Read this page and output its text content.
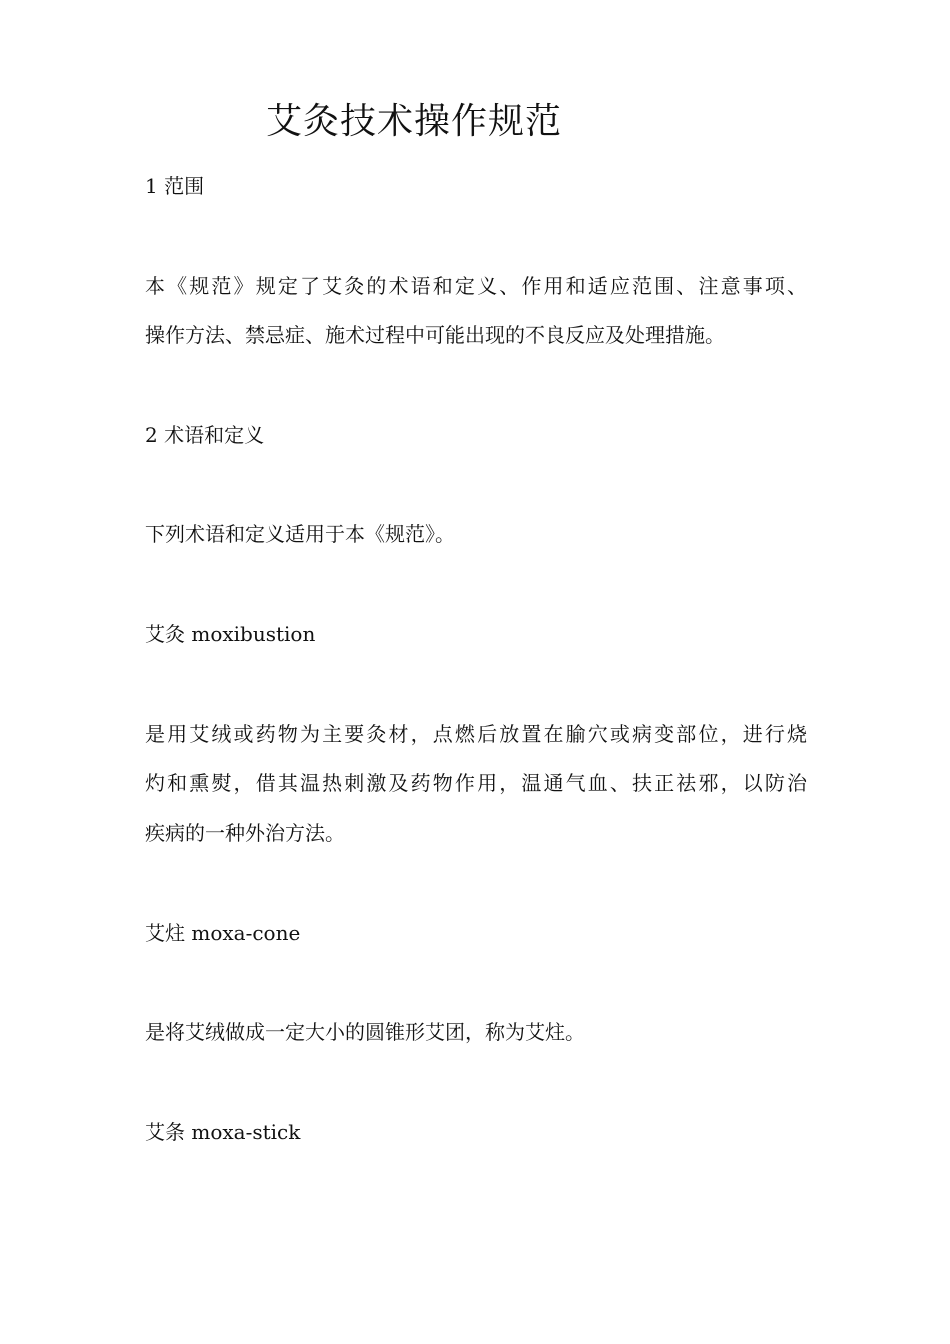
艾灸技术操作规范
1 范围
本《规范》规定了艾灸的术语和定义、作用和适应范围、注意事项、
操作方法、禁忌症、施术过程中可能出现的不良反应及处理措施。
2 术语和定义
下列术语和定义适用于本《规范》。
艾灸 moxibustion
是用艾绒或药物为主要灸材，点燃后放置在腧穴或病变部位，进行烧
灼和熏熨，借其温热刺激及药物作用，温通气血、扶正祛邪，以防治
疾病的一种外治方法。
艾炷 moxa-cone
是将艾绒做成一定大小的圆锥形艾团，称为艾炷。
艾条 moxa-stick
